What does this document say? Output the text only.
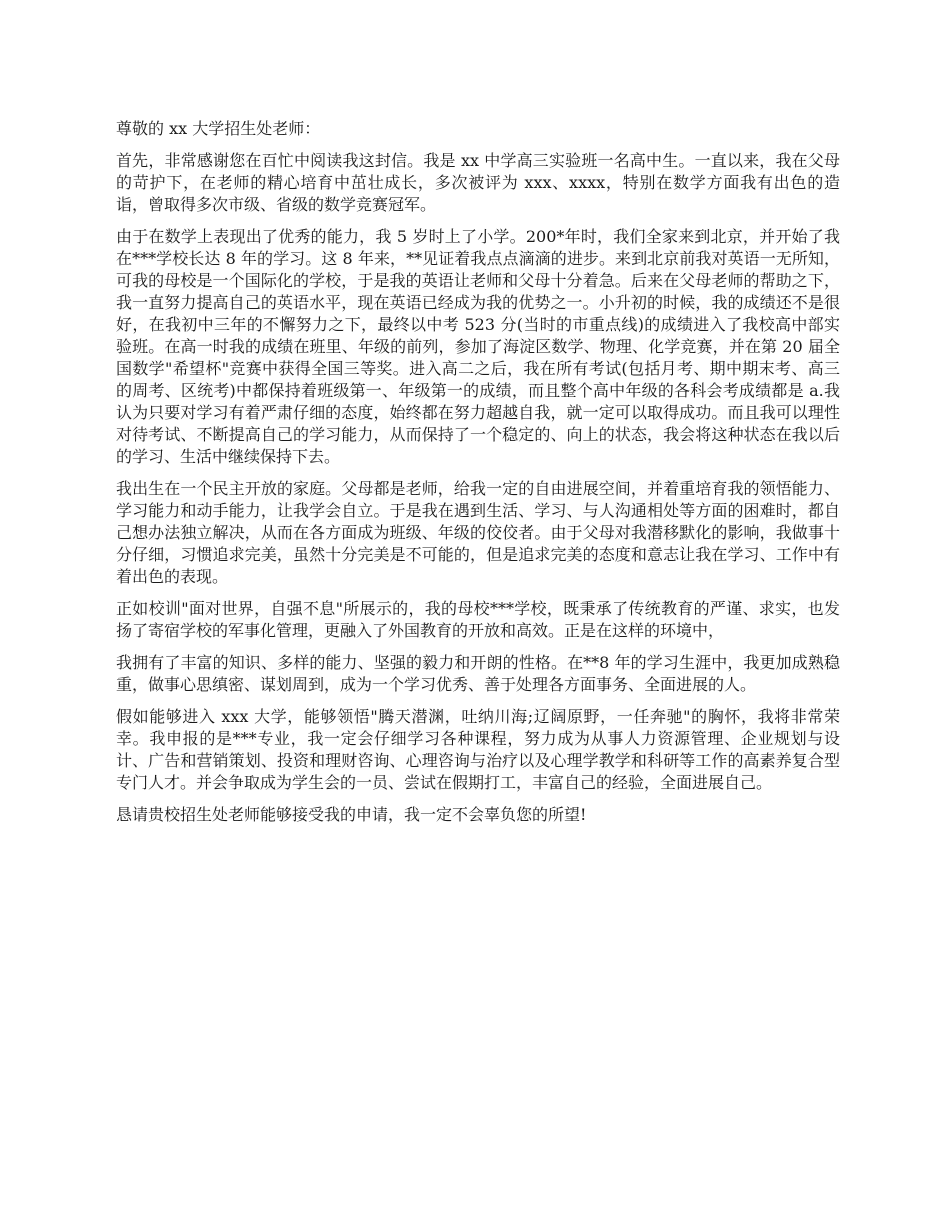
尊敬的 xx 大学招生处老师：

首先，非常感谢您在百忙中阅读我这封信。我是 xx 中学高三实验班一名高中生。一直以来，我在父母的苛护下，在老师的精心培育中茁壮成长，多次被评为 xxx、xxxx，特别在数学方面我有出色的造诣，曾取得多次市级、省级的数学竞赛冠军。

由于在数学上表现出了优秀的能力，我 5 岁时上了小学。200*年时，我们全家来到北京，并开始了我在***学校长达 8 年的学习。这 8 年来，**见证着我点点滴滴的进步。来到北京前我对英语一无所知，可我的母校是一个国际化的学校，于是我的英语让老师和父母十分着急。后来在父母老师的帮助之下，我一直努力提高自己的英语水平，现在英语已经成为我的优势之一。小升初的时候，我的成绩还不是很好，在我初中三年的不懈努力之下，最终以中考 523 分(当时的市重点线)的成绩进入了我校高中部实验班。在高一时我的成绩在班里、年级的前列，参加了海淀区数学、物理、化学竞赛，并在第 20 届全国数学"希望杯"竞赛中获得全国三等奖。进入高二之后，我在所有考试(包括月考、期中期末考、高三的周考、区统考)中都保持着班级第一、年级第一的成绩，而且整个高中年级的各科会考成绩都是 a.我认为只要对学习有着严肃仔细的态度，始终都在努力超越自我，就一定可以取得成功。而且我可以理性对待考试、不断提高自己的学习能力，从而保持了一个稳定的、向上的状态，我会将这种状态在我以后的学习、生活中继续保持下去。

我出生在一个民主开放的家庭。父母都是老师，给我一定的自由进展空间，并着重培育我的领悟能力、学习能力和动手能力，让我学会自立。于是我在遇到生活、学习、与人沟通相处等方面的困难时，都自己想办法独立解决，从而在各方面成为班级、年级的佼佼者。由于父母对我潜移默化的影响，我做事十分仔细，习惯追求完美，虽然十分完美是不可能的，但是追求完美的态度和意志让我在学习、工作中有着出色的表现。

正如校训"面对世界，自强不息"所展示的，我的母校***学校，既秉承了传统教育的严谨、求实，也发扬了寄宿学校的军事化管理，更融入了外国教育的开放和高效。正是在这样的环境中，

我拥有了丰富的知识、多样的能力、坚强的毅力和开朗的性格。在**8 年的学习生涯中，我更加成熟稳重，做事心思缜密、谋划周到，成为一个学习优秀、善于处理各方面事务、全面进展的人。

假如能够进入 xxx 大学，能够领悟"腾天潜渊，吐纳川海;辽阔原野，一任奔驰"的胸怀，我将非常荣幸。我申报的是***专业，我一定会仔细学习各种课程，努力成为从事人力资源管理、企业规划与设计、广告和营销策划、投资和理财咨询、心理咨询与治疗以及心理学教学和科研等工作的高素养复合型专门人才。并会争取成为学生会的一员、尝试在假期打工，丰富自己的经验，全面进展自己。

恳请贵校招生处老师能够接受我的申请，我一定不会辜负您的所望!
